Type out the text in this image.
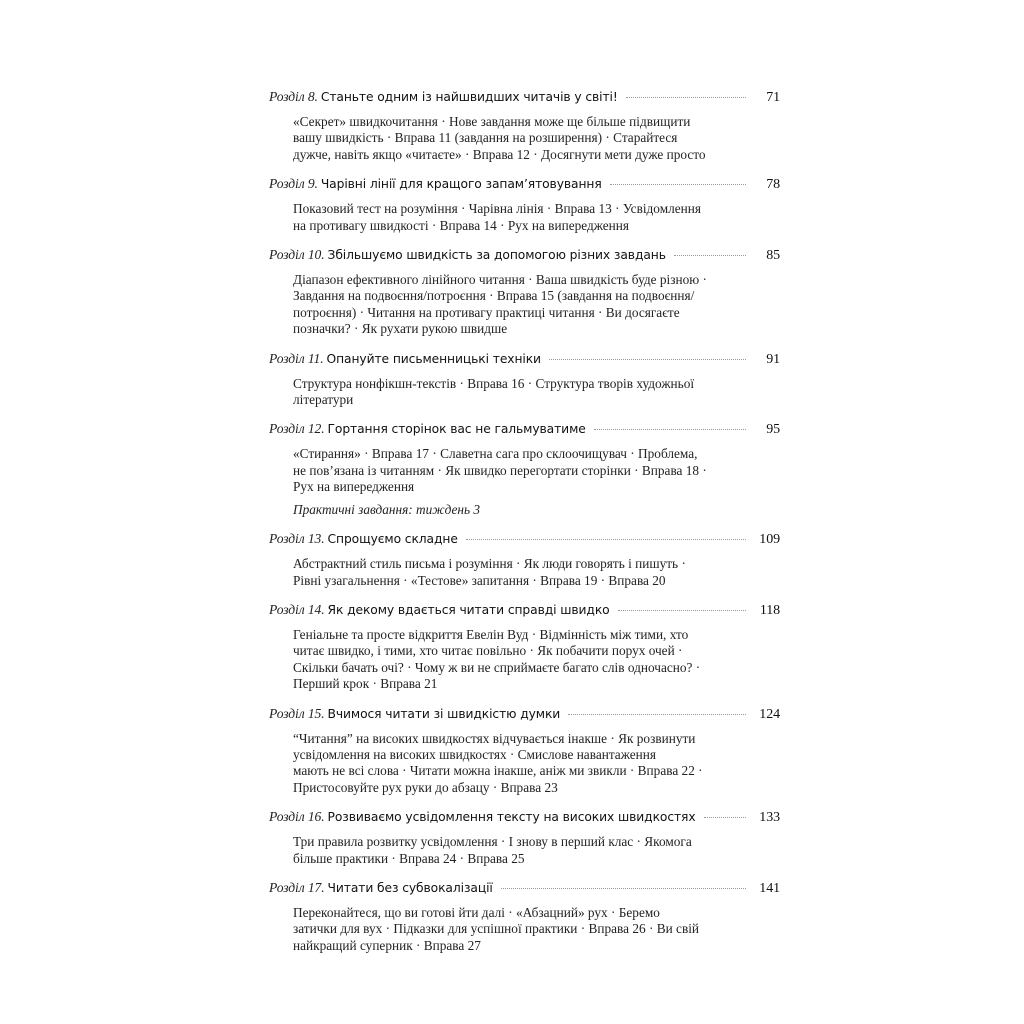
Розділ 8. Станьте одним із найшвидших читачів у світі!	71
«Секрет» швидкочитання · Нове завдання може ще більше підвищити
вашу швидкість · Вправа 11 (завдання на розширення) · Старайтеся
дужче, навіть якщо «читаєте» · Вправа 12 · Досягнути мети дуже просто
Розділ 9. Чарівні лінії для кращого запам’ятовування	78
Показовий тест на розуміння · Чарівна лінія · Вправа 13 · Усвідомлення
на противагу швидкості · Вправа 14 · Рух на випередження
Розділ 10. Збільшуємо швидкість за допомогою різних завдань	85
Діапазон ефективного лінійного читання · Ваша швидкість буде різною ·
Завдання на подвоєння/потроєння · Вправа 15 (завдання на подвоєння/
потроєння) · Читання на противагу практиці читання · Ви досягаєте
позначки? · Як рухати рукою швидше
Розділ 11. Опануйте письменницькі техніки	91
Структура нонфікшн-текстів · Вправа 16 · Структура творів художньої
літератури
Розділ 12. Гортання сторінок вас не гальмуватиме	95
«Стирання» · Вправа 17 · Славетна сага про склоочищувач · Проблема,
не пов’язана із читанням · Як швидко перегортати сторінки · Вправа 18 ·
Рух на випередження
Практичні завдання: тиждень 3
Розділ 13. Спрощуємо складне	109
Абстрактний стиль письма і розуміння · Як люди говорять і пишуть ·
Рівні узагальнення · «Тестове» запитання · Вправа 19 · Вправа 20
Розділ 14. Як декому вдається читати справді швидко	118
Геніальне та просте відкриття Евелін Вуд · Відмінність між тими, хто
читає швидко, і тими, хто читає повільно · Як побачити порух очей ·
Скільки бачать очі? · Чому ж ви не сприймаєте багато слів одночасно? ·
Перший крок · Вправа 21
Розділ 15. Вчимося читати зі швидкістю думки	124
“Читання” на високих швидкостях відчувається інакше · Як розвинути
усвідомлення на високих швидкостях · Смислове навантаження
мають не всі слова · Читати можна інакше, аніж ми звикли · Вправа 22 ·
Пристосовуйте рух руки до абзацу · Вправа 23
Розділ 16. Розвиваємо усвідомлення тексту на високих швидкостях	133
Три правила розвитку усвідомлення · І знову в перший клас · Якомога
більше практики · Вправа 24 · Вправа 25
Розділ 17. Читати без субвокалізації	141
Переконайтеся, що ви готові йти далі · «Абзацний» рух · Беремо
затички для вух · Підказки для успішної практики · Вправа 26 · Ви свій
найкращий суперник · Вправа 27
